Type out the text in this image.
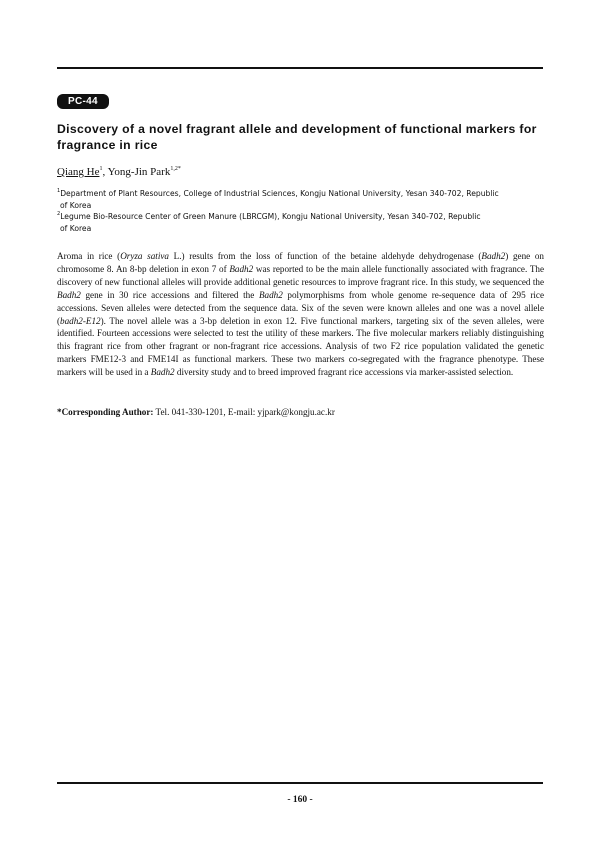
PC-44
Discovery of a novel fragrant allele and development of functional markers for fragrance in rice
Qiang He$^1$, Yong-Jin Park$^{1,2*}$
$^1$Department of Plant Resources, College of Industrial Sciences, Kongju National University, Yesan 340-702, Republic
of Korea
$^2$Legume Bio-Resource Center of Green Manure (LBRCGM), Kongju National University, Yesan 340-702, Republic
of Korea

Aroma in rice (Oryza sativa L.) results from the loss of function of the betaine aldehyde dehydrogenase (Badh2) gene on chromosome 8. An 8-bp deletion in exon 7 of Badh2 was reported to be the main allele functionally associated with fragrance. The discovery of new functional alleles will provide additional genetic resources to improve fragrant rice. In this study, we sequenced the Badh2 gene in 30 rice accessions and filtered the Badh2 polymorphisms from whole genome re-sequence data of 295 rice accessions. Seven alleles were detected from the sequence data. Six of the seven were known alleles and one was a novel allele (badh2-E12). The novel allele was a 3-bp deletion in exon 12. Five functional markers, targeting six of the seven alleles, were identified. Fourteen accessions were selected to test the utility of these markers. The five molecular markers reliably distinguishing this fragrant rice from other fragrant or non-fragrant rice accessions. Analysis of two F2 rice population validated the genetic markers FME12-3 and FME14I as functional markers. These two markers co-segregated with the fragrance phenotype. These markers will be used in a Badh2 diversity study and to breed improved fragrant rice accessions via marker-assisted selection.

*Corresponding Author: Tel. 041-330-1201, E-mail: yjpark@kongju.ac.kr
- 160 -
